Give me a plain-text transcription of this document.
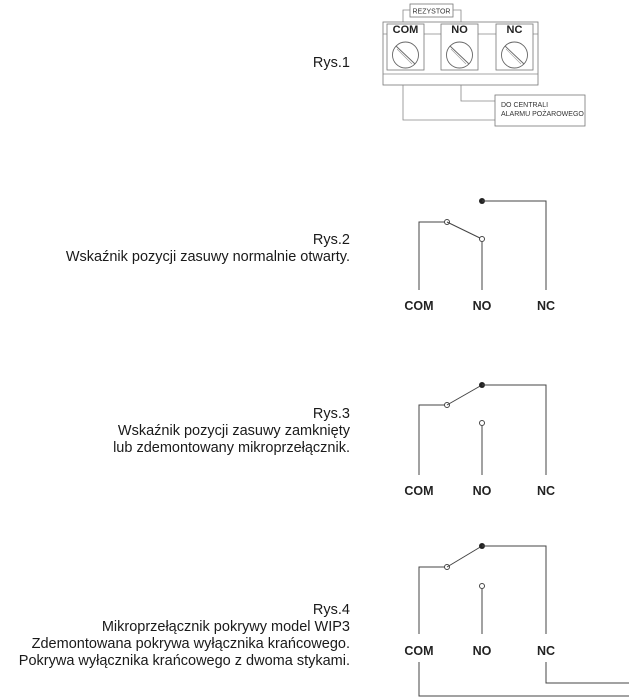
Rys.1
Rys.2
Wskaźnik pozycji zasuwy normalnie otwarty.
Rys.3
Wskaźnik pozycji zasuwy zamknięty
lub zdemontowany mikroprzełącznik.
Rys.4
Mikroprzełącznik pokrywy model WIP3
Zdemontowana pokrywa wyłącznika krańcowego.
Pokrywa wyłącznika krańcowego z dwoma stykami.
REZYSTOR
COM	NO	NC
DO CENTRALI
ALARMU POŻAROWEGO
COM	NO	NC
COM	NO	NC
COM	NO	NC
